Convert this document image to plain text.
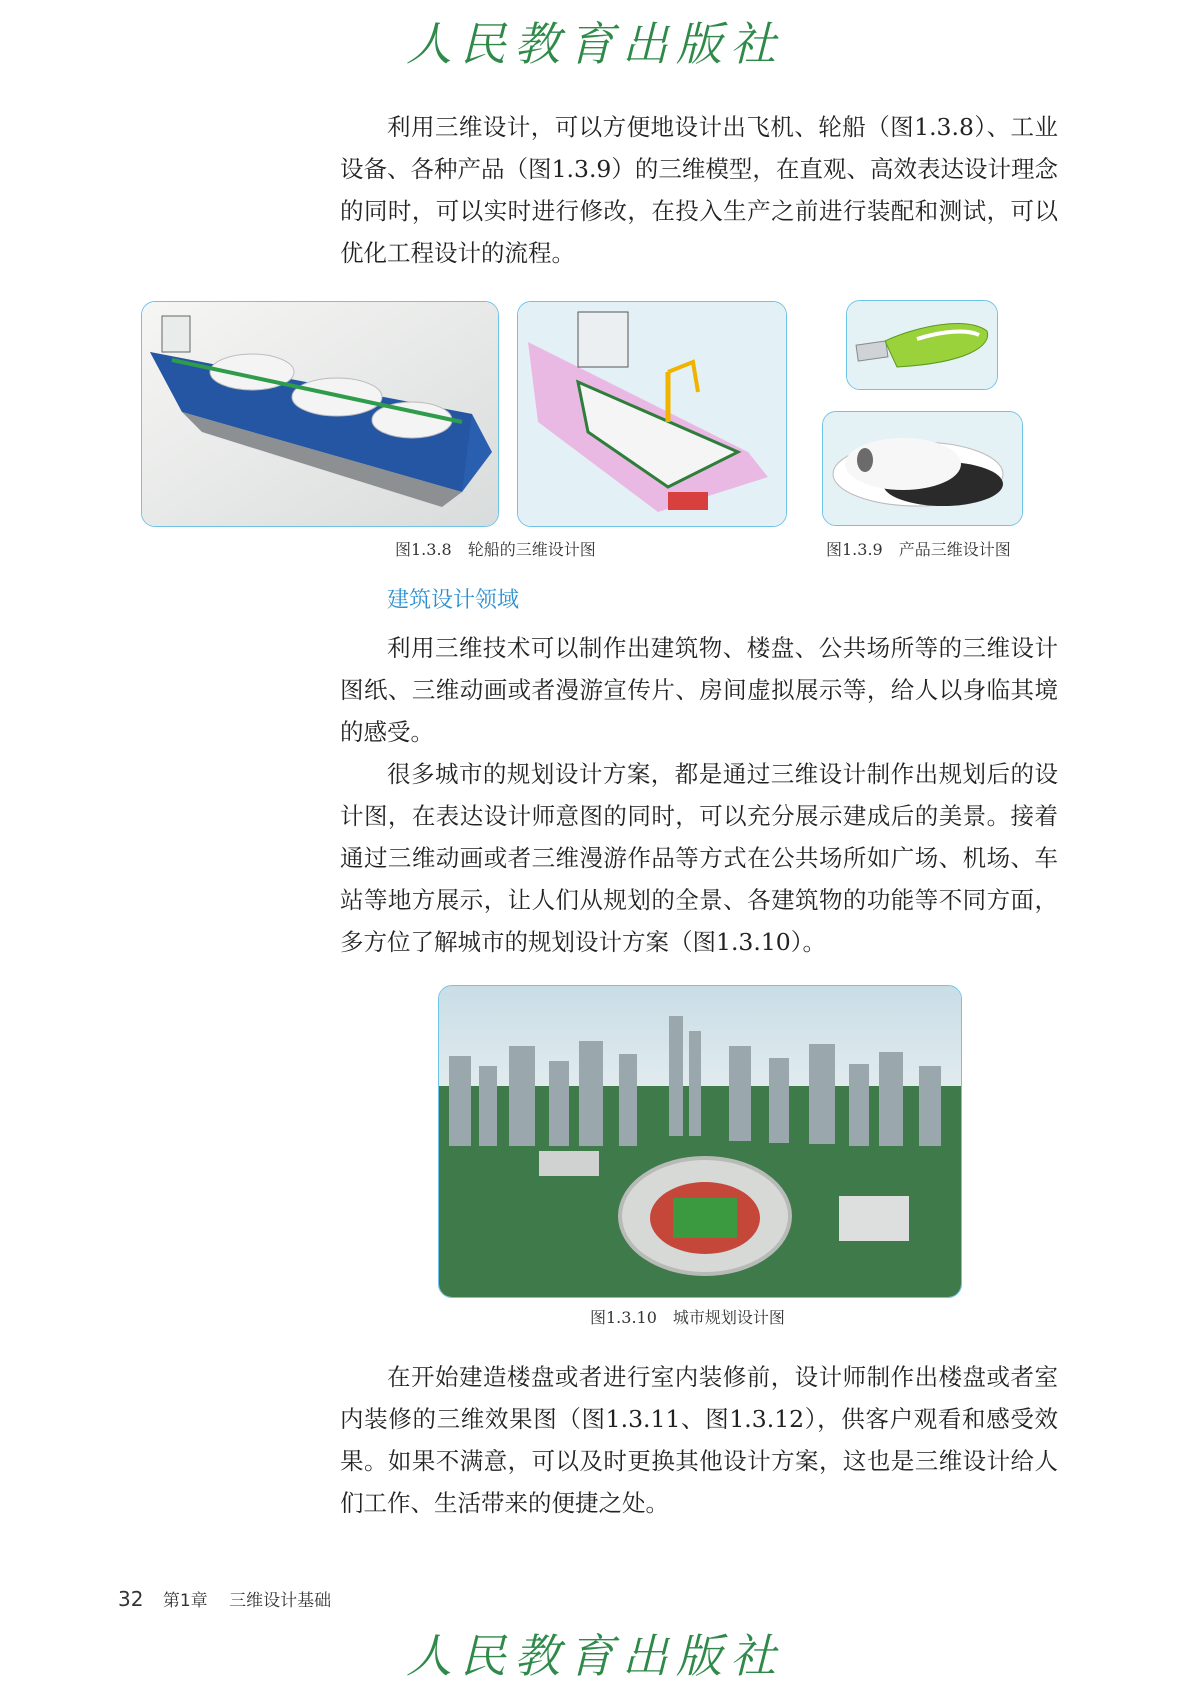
人民教育出版社

利用三维设计，可以方便地设计出飞机、轮船（图1.3.8）、工业设备、各种产品（图1.3.9）的三维模型，在直观、高效表达设计理念的同时，可以实时进行修改，在投入生产之前进行装配和测试，可以优化工程设计的流程。

图1.3.8　轮船的三维设计图	图1.3.9　产品三维设计图
建筑设计领域

利用三维技术可以制作出建筑物、楼盘、公共场所等的三维设计图纸、三维动画或者漫游宣传片、房间虚拟展示等，给人以身临其境的感受。

很多城市的规划设计方案，都是通过三维设计制作出规划后的设计图，在表达设计师意图的同时，可以充分展示建成后的美景。接着通过三维动画或者三维漫游作品等方式在公共场所如广场、机场、车站等地方展示，让人们从规划的全景、各建筑物的功能等不同方面，多方位了解城市的规划设计方案（图1.3.10）。

图1.3.10　城市规划设计图

在开始建造楼盘或者进行室内装修前，设计师制作出楼盘或者室内装修的三维效果图（图1.3.11、图1.3.12），供客户观看和感受效果。如果不满意，可以及时更换其他设计方案，这也是三维设计给人们工作、生活带来的便捷之处。

32 第1章 三维设计基础
人民教育出版社
